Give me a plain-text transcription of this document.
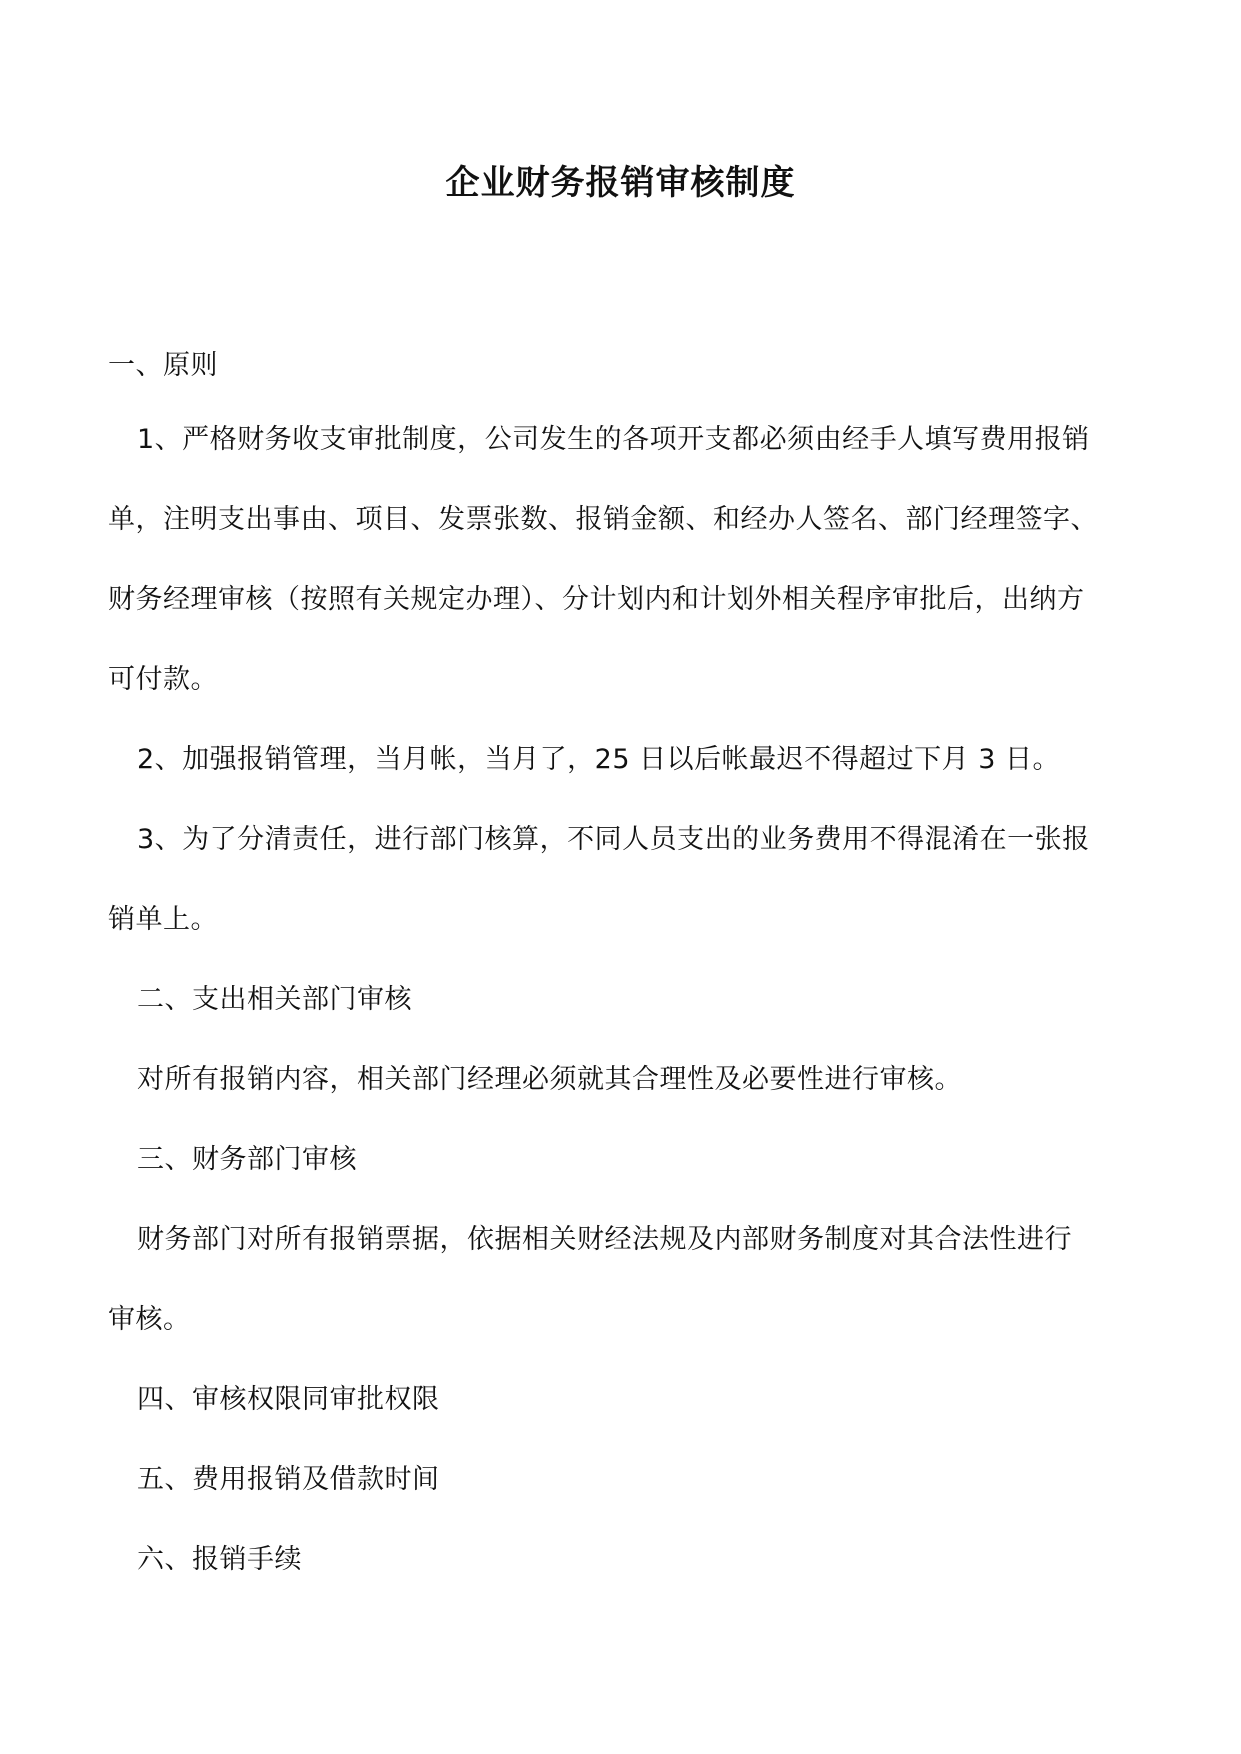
企业财务报销审核制度
一、原则
1、严格财务收支审批制度，公司发生的各项开支都必须由经手人填写费用报销
单，注明支出事由、项目、发票张数、报销金额、和经办人签名、部门经理签字、
财务经理审核（按照有关规定办理）、分计划内和计划外相关程序审批后，出纳方
可付款。
2、加强报销管理，当月帐，当月了，25 日以后帐最迟不得超过下月 3 日。
3、为了分清责任，进行部门核算，不同人员支出的业务费用不得混淆在一张报
销单上。
二、支出相关部门审核
对所有报销内容，相关部门经理必须就其合理性及必要性进行审核。
三、财务部门审核
财务部门对所有报销票据，依据相关财经法规及内部财务制度对其合法性进行
审核。
四、审核权限同审批权限
五、费用报销及借款时间
六、报销手续
